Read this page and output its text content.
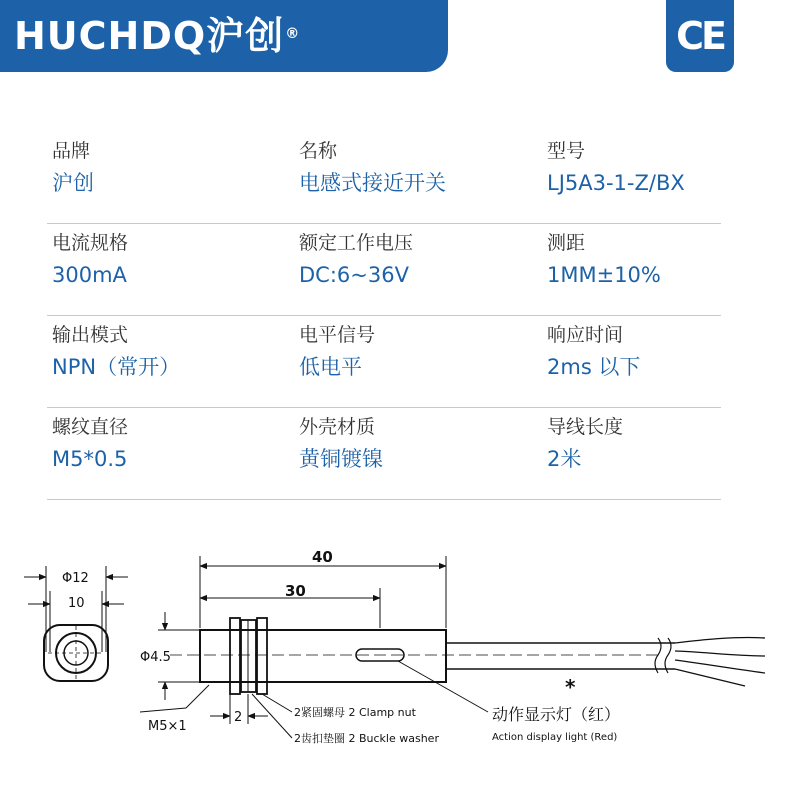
HUCHDQ沪创®	CE
品牌
沪创
名称
电感式接近开关
型号
LJ5A3-1-Z/BX
电流规格
300mA
额定工作电压
DC:6~36V
测距
1MM±10%
输出模式
NPN（常开）
电平信号
低电平
响应时间
2ms 以下
螺纹直径
M5*0.5
外壳材质
黄铜镀镍
导线长度
2米
Φ12
10
40
30
Φ4.5
M5×1
2	2紧固螺母 2 Clamp nut
2齿扣垫圈 2 Buckle washer
*
动作显示灯（红）
Action display light (Red)
